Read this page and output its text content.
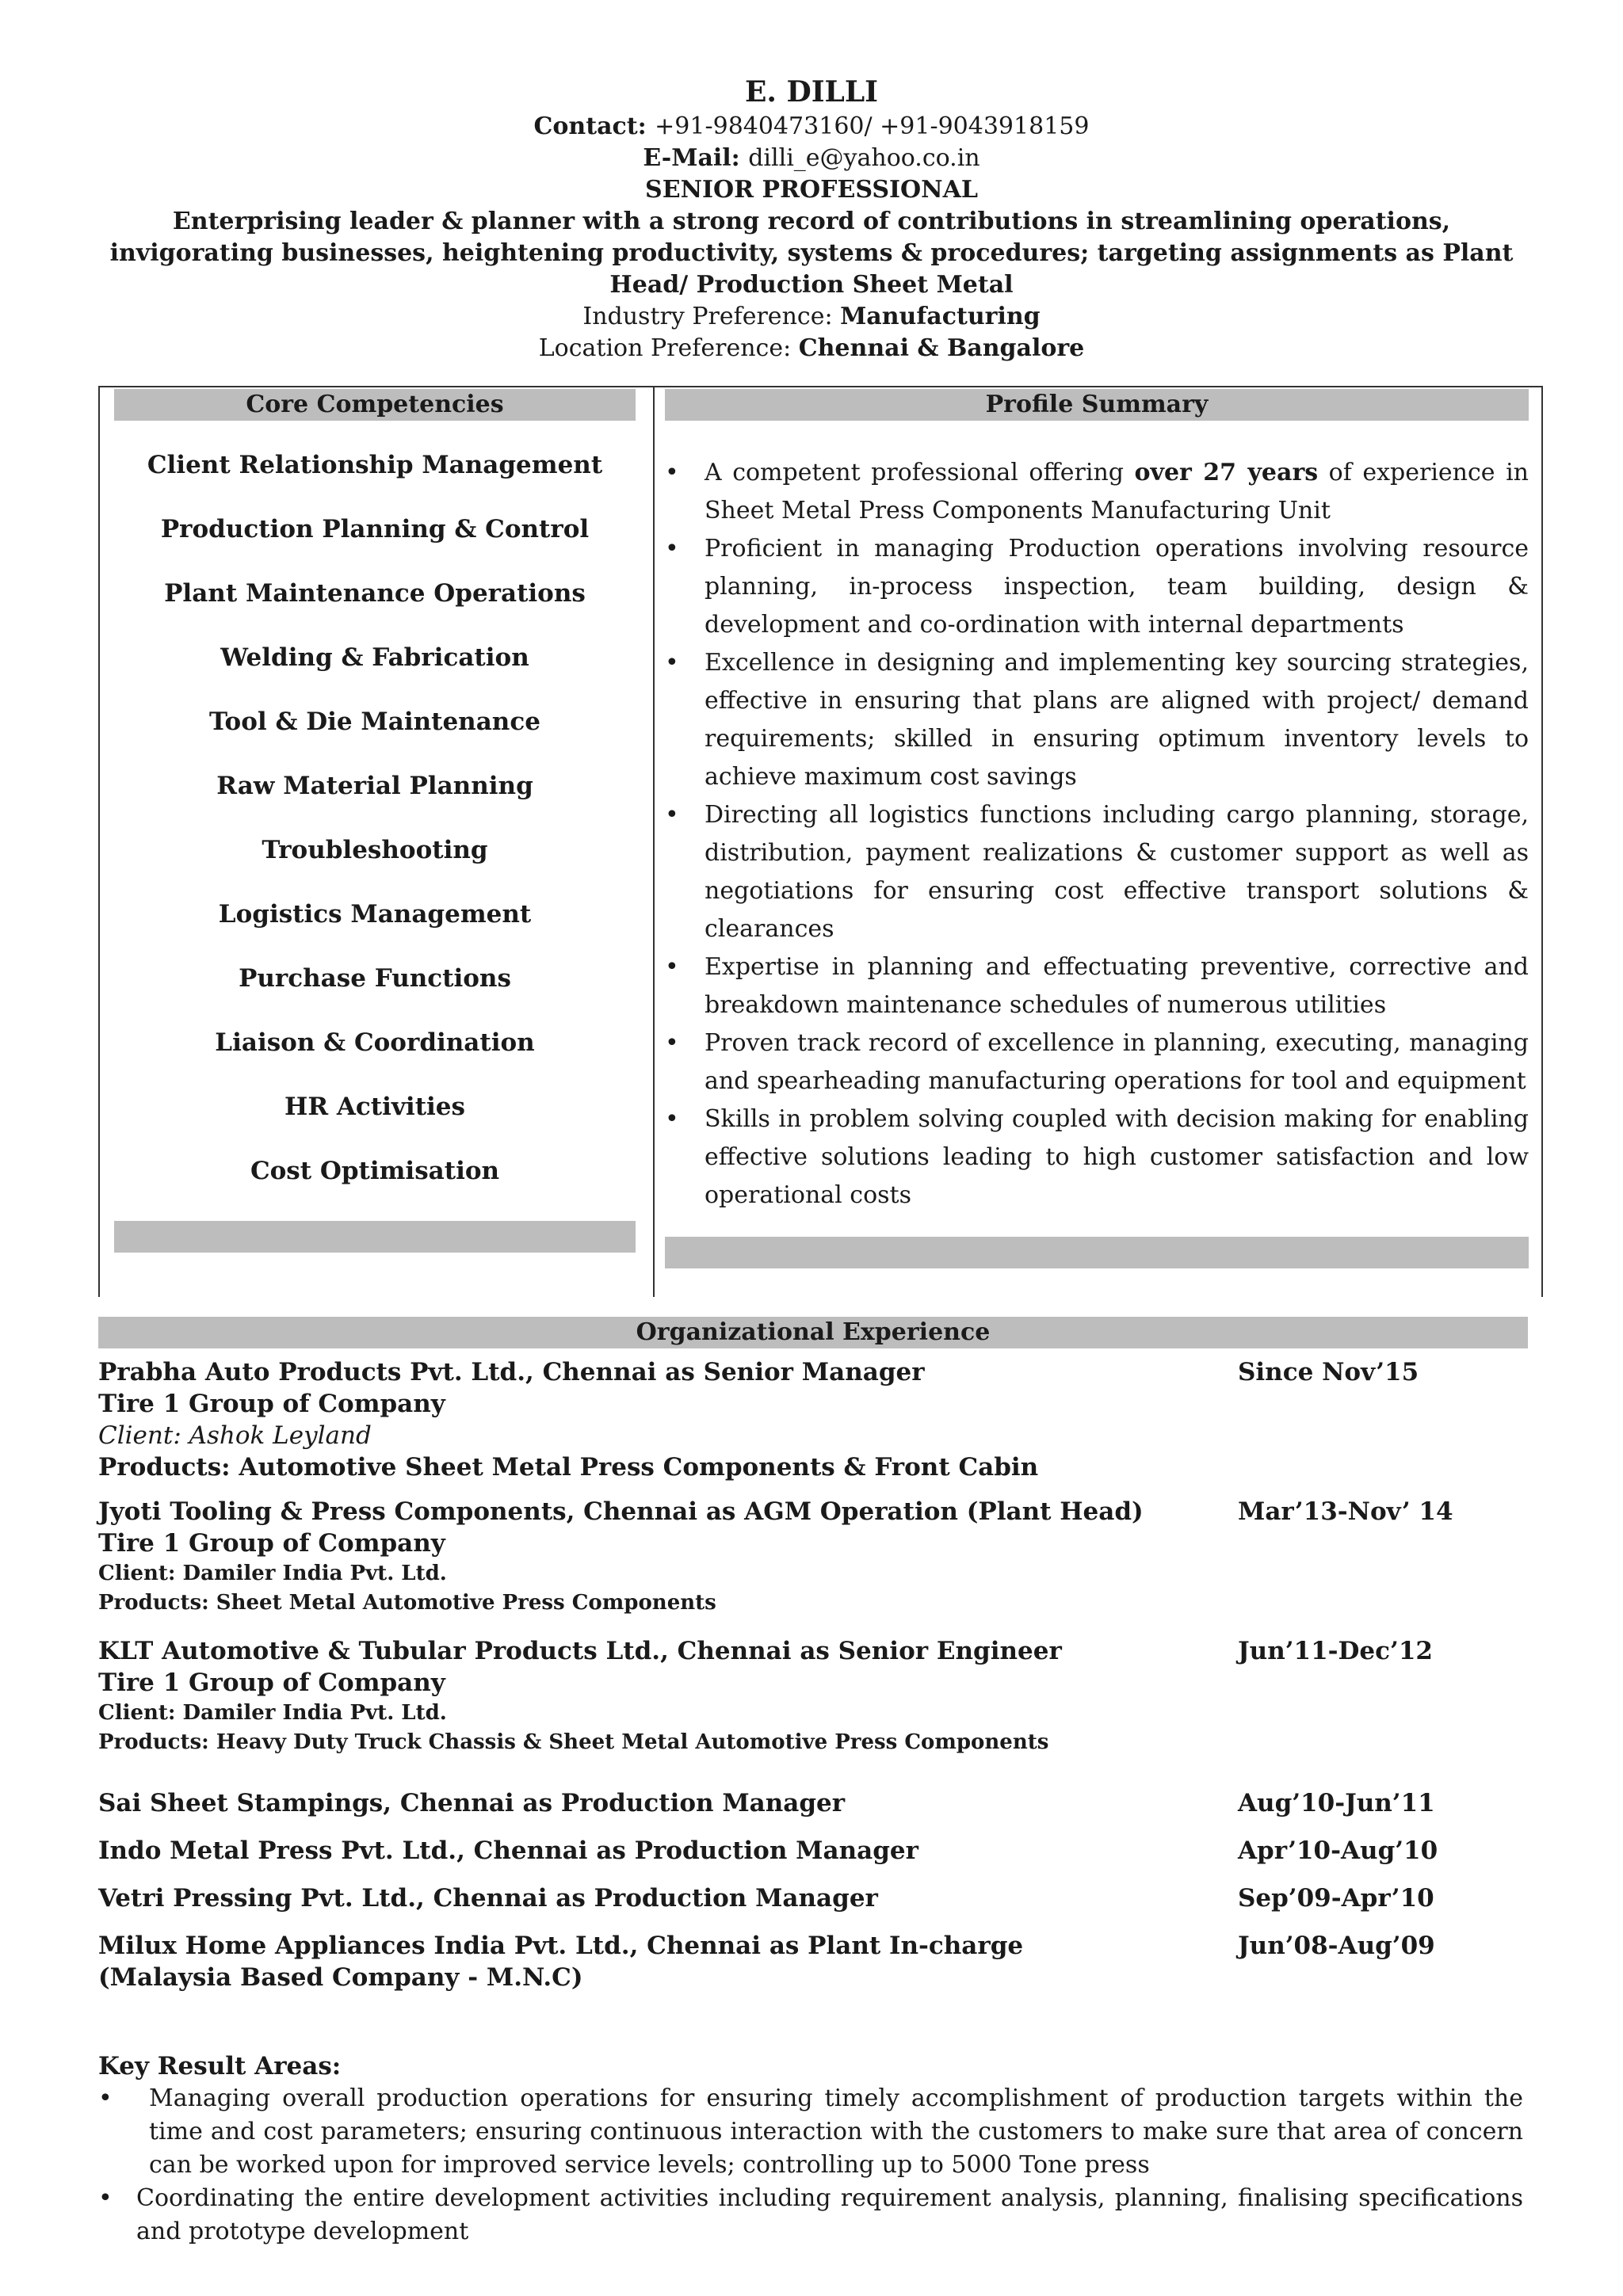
E. DILLI
Contact: +91-9840473160/ +91-9043918159
E-Mail: dilli_e@yahoo.co.in
SENIOR PROFESSIONAL
Enterprising leader & planner with a strong record of contributions in streamlining operations, invigorating businesses, heightening productivity, systems & procedures; targeting assignments as Plant Head/ Production Sheet Metal
Industry Preference: Manufacturing
Location Preference: Chennai & Bangalore
Core Competencies
Client Relationship Management
Production Planning & Control
Plant Maintenance Operations
Welding & Fabrication
Tool & Die Maintenance
Raw Material Planning
Troubleshooting
Logistics Management
Purchase Functions
Liaison & Coordination
HR Activities
Cost Optimisation
Profile Summary
• A competent professional offering over 27 years of experience in Sheet Metal Press Components Manufacturing Unit
• Proficient in managing Production operations involving resource planning, in-process inspection, team building, design & development and co-ordination with internal departments
• Excellence in designing and implementing key sourcing strategies, effective in ensuring that plans are aligned with project/ demand requirements; skilled in ensuring optimum inventory levels to achieve maximum cost savings
• Directing all logistics functions including cargo planning, storage, distribution, payment realizations & customer support as well as negotiations for ensuring cost effective transport solutions & clearances
• Expertise in planning and effectuating preventive, corrective and breakdown maintenance schedules of numerous utilities
• Proven track record of excellence in planning, executing, managing and spearheading manufacturing operations for tool and equipment
• Skills in problem solving coupled with decision making for enabling effective solutions leading to high customer satisfaction and low operational costs
Organizational Experience
Prabha Auto Products Pvt. Ltd., Chennai as Senior Manager	Since Nov’15
Tire 1 Group of Company
Client: Ashok Leyland
Products: Automotive Sheet Metal Press Components & Front Cabin
Jyoti Tooling & Press Components, Chennai as AGM Operation (Plant Head)	Mar’13-Nov’ 14
Tire 1 Group of Company
Client: Damiler India Pvt. Ltd.
Products: Sheet Metal Automotive Press Components
KLT Automotive & Tubular Products Ltd., Chennai as Senior Engineer	Jun’11-Dec’12
Tire 1 Group of Company
Client: Damiler India Pvt. Ltd.
Products: Heavy Duty Truck Chassis & Sheet Metal Automotive Press Components
Sai Sheet Stampings, Chennai as Production Manager	Aug’10-Jun’11
Indo Metal Press Pvt. Ltd., Chennai as Production Manager	Apr’10-Aug’10
Vetri Pressing Pvt. Ltd., Chennai as Production Manager	Sep’09-Apr’10
Milux Home Appliances India Pvt. Ltd., Chennai as Plant In-charge	Jun’08-Aug’09
(Malaysia Based Company - M.N.C)
Key Result Areas:
• Managing overall production operations for ensuring timely accomplishment of production targets within the time and cost parameters; ensuring continuous interaction with the customers to make sure that area of concern can be worked upon for improved service levels; controlling up to 5000 Tone press
• Coordinating the entire development activities including requirement analysis, planning, finalising specifications and prototype development
